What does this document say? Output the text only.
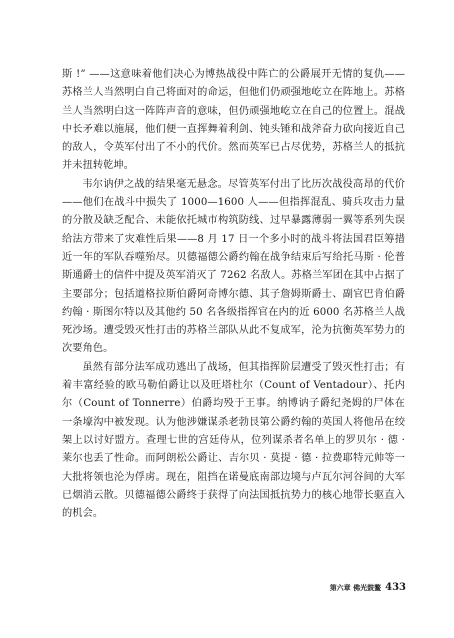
斯 !” ——这意味着他们决心为博热战役中阵亡的公爵展开无情的复仇——苏格兰人当然明白自己将面对的命运，但他们仍顽强地屹立在阵地上。苏格兰人当然明白这一阵阵声音的意味，但仍顽强地屹立在自己的位置上。混战中长矛难以施展，他们便一直挥舞着利剑、钝头锤和战斧奋力砍向接近自己的敌人，令英军付出了不小的代价。然而英军已占尽优势，苏格兰人的抵抗并未扭转乾坤。

韦尔讷伊之战的结果毫无悬念。尽管英军付出了比历次战役高昂的代价——他们在战斗中损失了 1000—1600 人——但指挥混乱、骑兵攻击力量的分散及缺乏配合、未能依托城市构筑防线、过早暴露薄弱一翼等系列失误给法方带来了灾难性后果——8 月 17 日一个多小时的战斗将法国君臣筹措近一年的军队吞噬殆尽。贝德福德公爵约翰在战争结束后写给托马斯 · 伦普斯通爵士的信件中提及英军消灭了 7262 名敌人。苏格兰军团在其中占据了主要部分；包括道格拉斯伯爵阿奇博尔德、其子詹姆斯爵士、副官巴肯伯爵约翰 · 斯图尔特以及其他约 50 名各级指挥官在内的近 6000 名苏格兰人战死沙场。遭受毁灭性打击的苏格兰部队从此不复成军，沦为抗衡英军势力的次要角色。

虽然有部分法军成功逃出了战场，但其指挥阶层遭受了毁灭性打击；有着丰富经验的欧马勒伯爵让以及旺塔杜尔（Count of Ventadour）、托内尔（Count of Tonnerre）伯爵均殁于王事。纳博讷子爵纪尧姆的尸体在一条壕沟中被发现。认为他涉嫌谋杀老勃艮第公爵约翰的英国人将他吊在绞架上以讨好盟方。查理七世的宫廷侍从，位列谋杀者名单上的罗贝尔 · 德 · 莱尔也丢了性命。而阿朗松公爵让、吉尔贝 · 莫提 · 德 · 拉费耶特元帅等一大批将领也沦为俘虏。现在，阻挡在诺曼底南部边境与卢瓦尔河谷间的大军已烟消云散。贝德福德公爵终于获得了向法国抵抗势力的核心地带长驱直入的机会。

第六章 佛光鼓鳌 433
